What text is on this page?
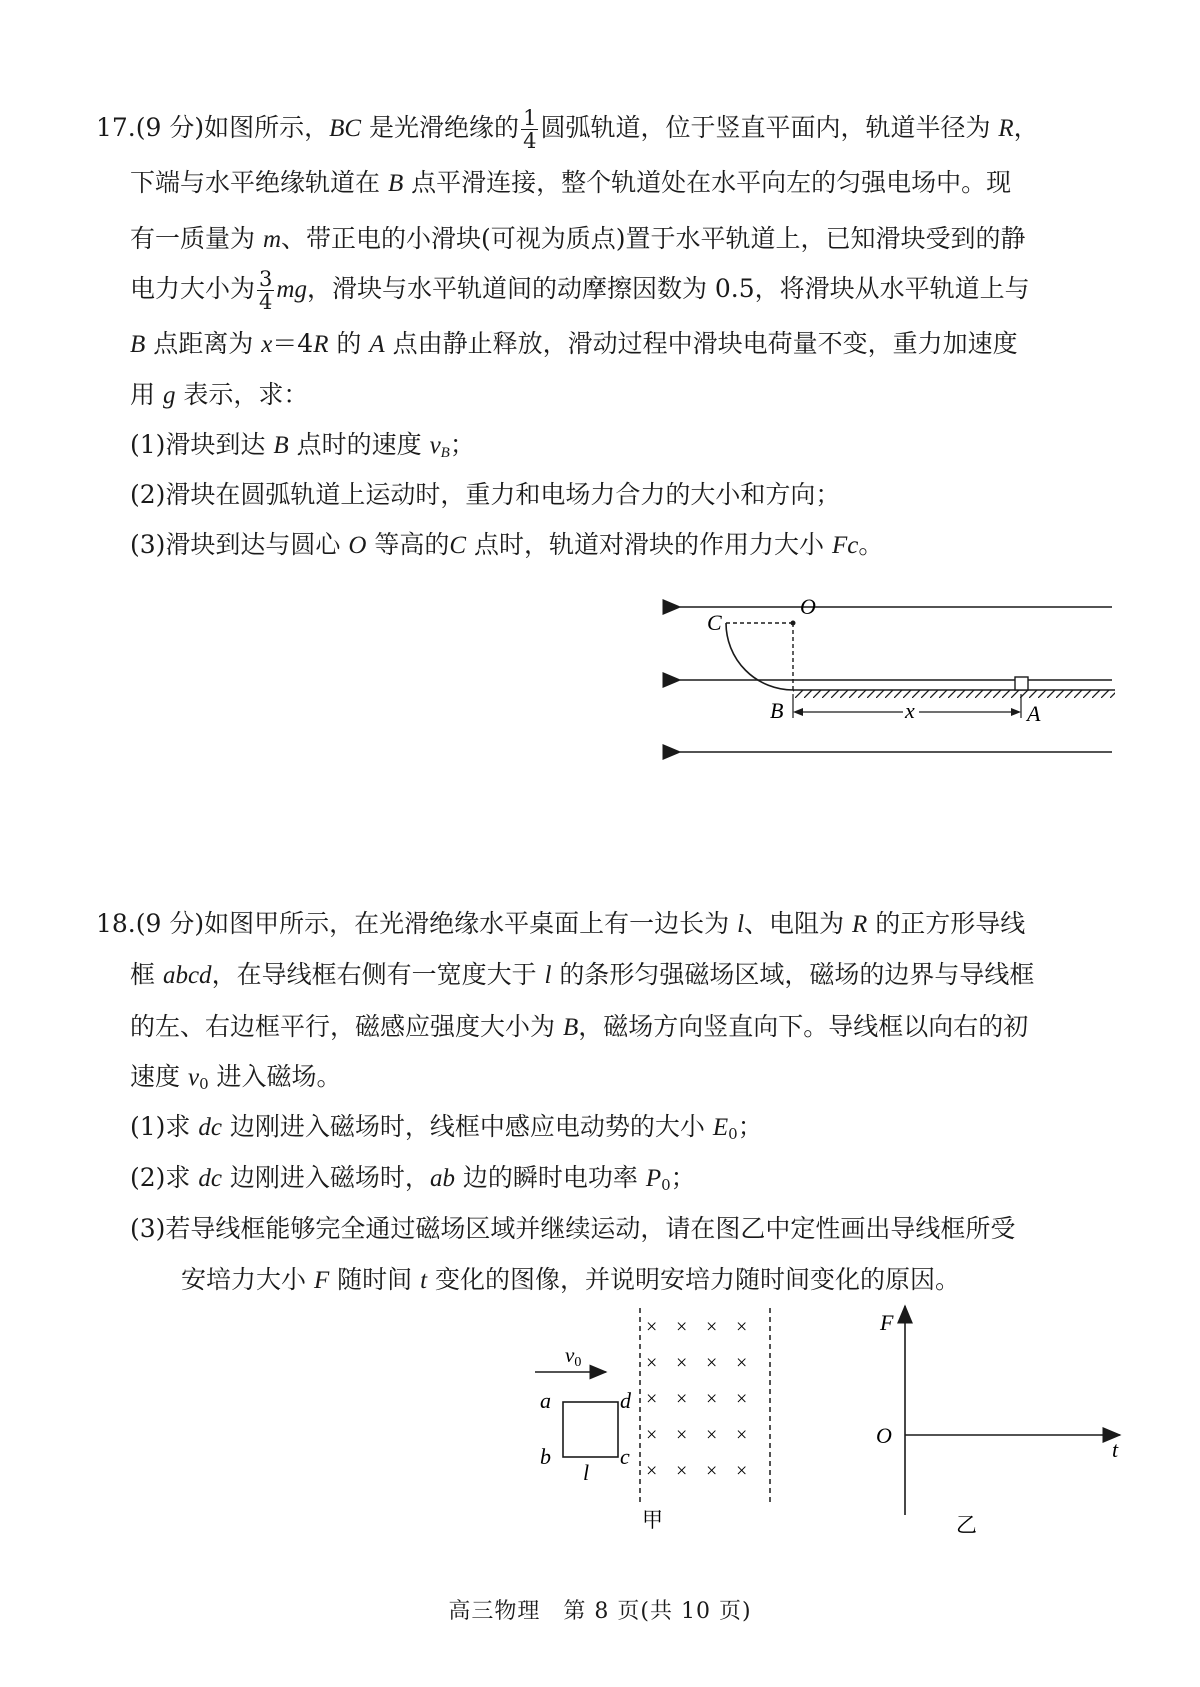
17.(9 分)如图所示，BC 是光滑绝缘的 $\frac{1}{4}$ 圆弧轨道，位于竖直平面内，轨道半径为 R，
下端与水平绝缘轨道在 B 点平滑连接，整个轨道处在水平向左的匀强电场中。现
有一质量为 m、带正电的小滑块(可视为质点)置于水平轨道上，已知滑块受到的静
电力大小为 $\frac{3}{4}$ mg，滑块与水平轨道间的动摩擦因数为 0.5，将滑块从水平轨道上与
B 点距离为 x＝4R 的 A 点由静止释放，滑动过程中滑块电荷量不变，重力加速度
用 g 表示，求：
(1)滑块到达 B 点时的速度 $v_B$；
(2)滑块在圆弧轨道上运动时，重力和电场力合力的大小和方向；
(3)滑块到达与圆心 O 等高的C 点时，轨道对滑块的作用力大小 Fc。
C
O
B	x	A
18.(9 分)如图甲所示，在光滑绝缘水平桌面上有一边长为 l、电阻为 R 的正方形导线
框 abcd，在导线框右侧有一宽度大于 l 的条形匀强磁场区域，磁场的边界与导线框
的左、右边框平行，磁感应强度大小为 B，磁场方向竖直向下。导线框以向右的初
速度 $v_0$ 进入磁场。
(1)求 dc 边刚进入磁场时，线框中感应电动势的大小 $E_0$；
(2)求 dc 边刚进入磁场时，ab 边的瞬时电功率 $P_0$；
(3)若导线框能够完全通过磁场区域并继续运动，请在图乙中定性画出导线框所受
安培力大小 F 随时间 t 变化的图像，并说明安培力随时间变化的原因。
v0
a
b
d
c
l
× × × ×
× × × ×
× × × ×
× × × ×
× × × ×
甲
F
O
t
乙
高三物理　第 8 页(共 10 页)
